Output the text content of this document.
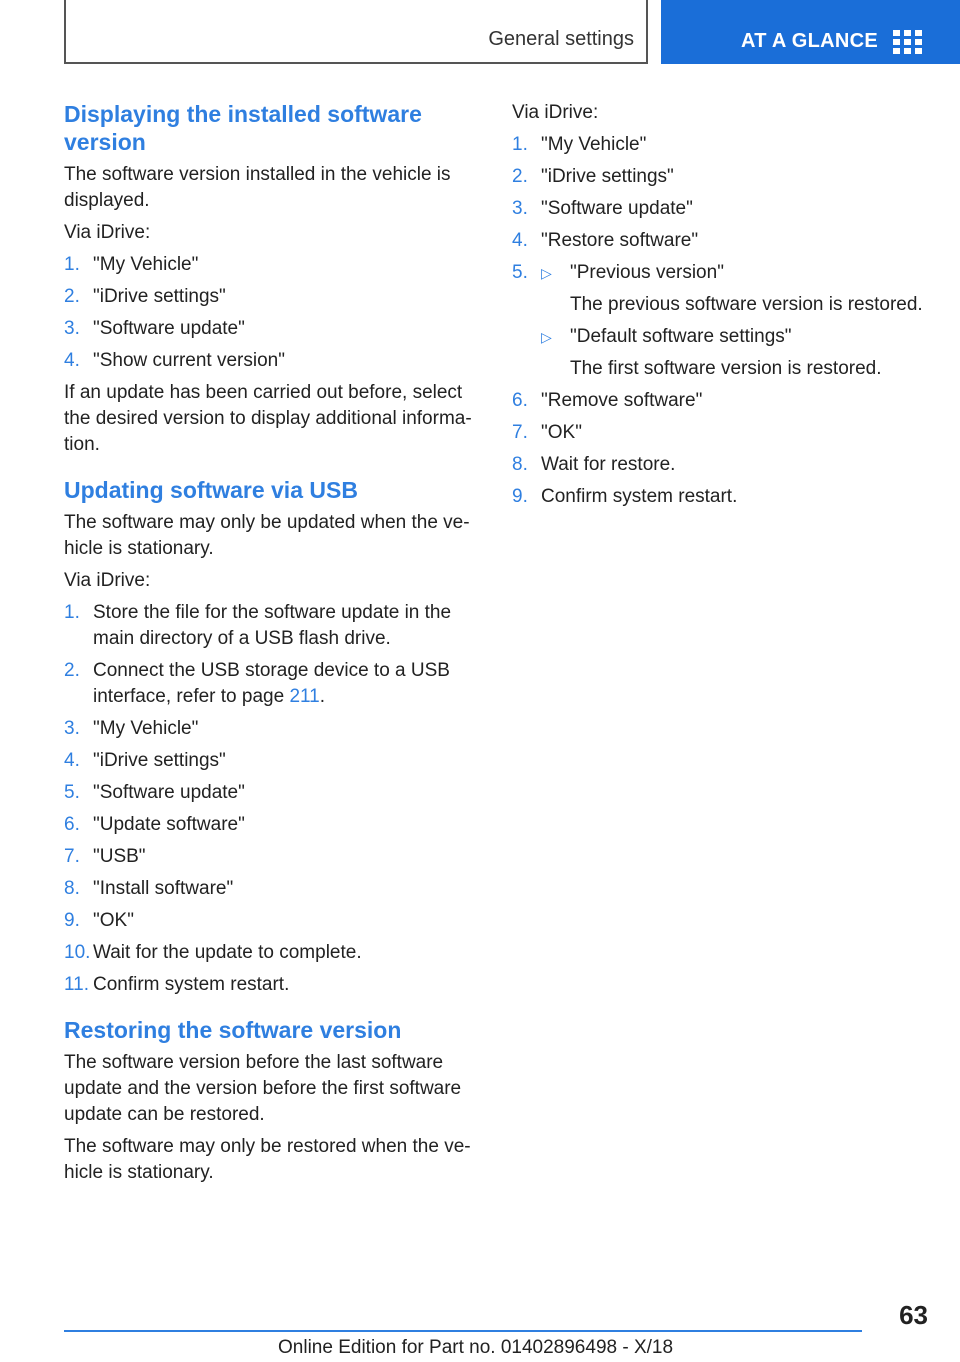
General settings	AT A GLANCE
Displaying the installed software version

The software version installed in the vehicle is displayed.

Via iDrive:

1. "My Vehicle"
2. "iDrive settings"
3. "Software update"
4. "Show current version"

If an update has been carried out before, select the desired version to display additional informa-tion.

Updating software via USB

The software may only be updated when the ve-hicle is stationary.

Via iDrive:

1. Store the file for the software update in the main directory of a USB flash drive.
2. Connect the USB storage device to a USB interface, refer to page 211.
3. "My Vehicle"
4. "iDrive settings"
5. "Software update"
6. "Update software"
7. "USB"
8. "Install software"
9. "OK"
10. Wait for the update to complete.
11. Confirm system restart.
Restoring the software version

The software version before the last software update and the version before the first software update can be restored.

The software may only be restored when the ve-hicle is stationary.

Via iDrive:

1. "My Vehicle"
2. "iDrive settings"
3. "Software update"
4. "Restore software"
5. ▷ "Previous version"
The previous software version is restored.
▷ "Default software settings"
The first software version is restored.
6. "Remove software"
7. "OK"
8. Wait for restore.
9. Confirm system restart.
63
Online Edition for Part no. 01402896498 - X/18
